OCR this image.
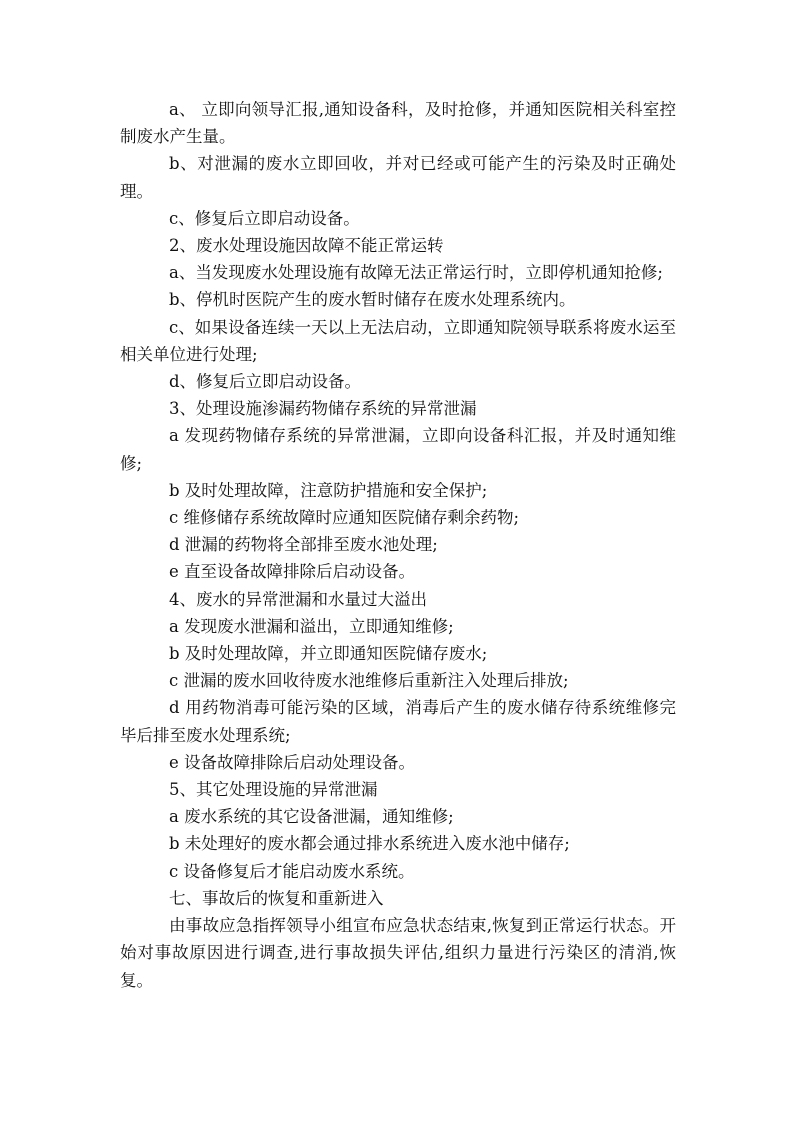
a、 立即向领导汇报,通知设备科，及时抢修，并通知医院相关科室控制废水产生量。

b、对泄漏的废水立即回收，并对已经或可能产生的污染及时正确处理。

c、修复后立即启动设备。

2、废水处理设施因故障不能正常运转

a、当发现废水处理设施有故障无法正常运行时，立即停机通知抢修;

b、停机时医院产生的废水暂时储存在废水处理系统内。

c、如果设备连续一天以上无法启动，立即通知院领导联系将废水运至相关单位进行处理;

d、修复后立即启动设备。

3、处理设施渗漏药物储存系统的异常泄漏

a 发现药物储存系统的异常泄漏，立即向设备科汇报，并及时通知维修;

b 及时处理故障，注意防护措施和安全保护;

c 维修储存系统故障时应通知医院储存剩余药物;

d 泄漏的药物将全部排至废水池处理;

e 直至设备故障排除后启动设备。

4、废水的异常泄漏和水量过大溢出

a 发现废水泄漏和溢出，立即通知维修;

b 及时处理故障，并立即通知医院储存废水;

c 泄漏的废水回收待废水池维修后重新注入处理后排放;

d 用药物消毒可能污染的区域，消毒后产生的废水储存待系统维修完毕后排至废水处理系统;

e 设备故障排除后启动处理设备。

5、其它处理设施的异常泄漏

a 废水系统的其它设备泄漏，通知维修;

b 未处理好的废水都会通过排水系统进入废水池中储存;

c 设备修复后才能启动废水系统。

七、事故后的恢复和重新进入

由事故应急指挥领导小组宣布应急状态结束,恢复到正常运行状态。开始对事故原因进行调查,进行事故损失评估,组织力量进行污染区的清消,恢复。
